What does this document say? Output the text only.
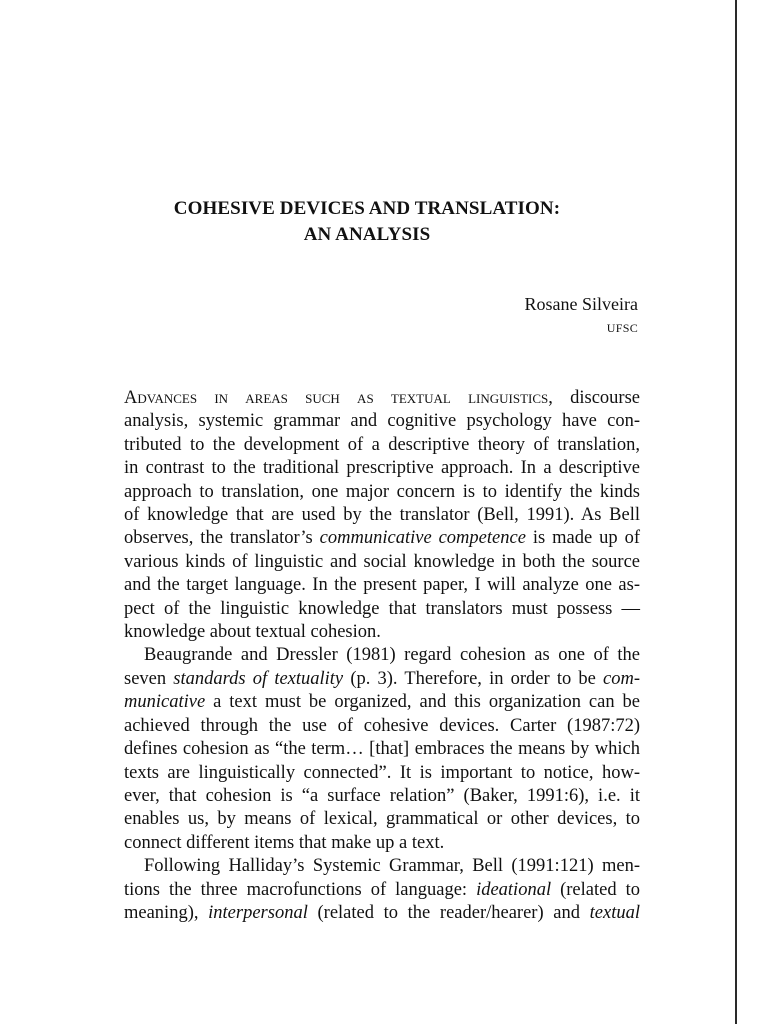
COHESIVE DEVICES AND TRANSLATION:
AN ANALYSIS
Rosane Silveira
UFSC

Advances in areas such as textual linguistics, discourse
analysis, systemic grammar and cognitive psychology have con-
tributed to the development of a descriptive theory of translation,
in contrast to the traditional prescriptive approach. In a descriptive
approach to translation, one major concern is to identify the kinds
of knowledge that are used by the translator (Bell, 1991). As Bell
observes, the translator’s communicative competence is made up of
various kinds of linguistic and social knowledge in both the source
and the target language. In the present paper, I will analyze one as-
pect of the linguistic knowledge that translators must possess —
knowledge about textual cohesion.

Beaugrande and Dressler (1981) regard cohesion as one of the
seven standards of textuality (p. 3). Therefore, in order to be com-
municative a text must be organized, and this organization can be
achieved through the use of cohesive devices. Carter (1987:72)
defines cohesion as “the term… [that] embraces the means by which
texts are linguistically connected”. It is important to notice, how-
ever, that cohesion is “a surface relation” (Baker, 1991:6), i.e. it
enables us, by means of lexical, grammatical or other devices, to
connect different items that make up a text.

Following Halliday’s Systemic Grammar, Bell (1991:121) men-
tions the three macrofunctions of language: ideational (related to
meaning), interpersonal (related to the reader/hearer) and textual
